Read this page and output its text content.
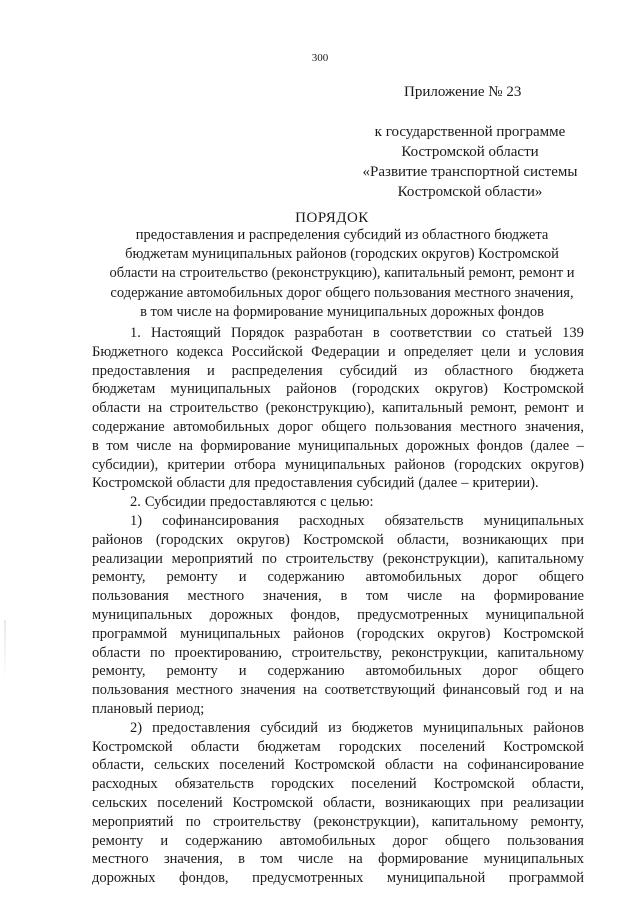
300
Приложение № 23
к государственной программе
Костромской области
«Развитие транспортной системы
Костромской области»
ПОРЯДОК
предоставления и распределения субсидий из областного бюджета
бюджетам муниципальных районов (городских округов) Костромской
области на строительство (реконструкцию), капитальный ремонт, ремонт и
содержание автомобильных дорог общего пользования местного значения,
в том числе на формирование муниципальных дорожных фондов
1. Настоящий Порядок разработан в соответствии со статьей 139
Бюджетного кодекса Российской Федерации и определяет цели и условия
предоставления и распределения субсидий из областного бюджета
бюджетам муниципальных районов (городских округов) Костромской
области на строительство (реконструкцию), капитальный ремонт, ремонт и
содержание автомобильных дорог общего пользования местного значения,
в том числе на формирование муниципальных дорожных фондов (далее –
субсидии), критерии отбора муниципальных районов (городских округов)
Костромской области для предоставления субсидий (далее – критерии).
2. Субсидии предоставляются с целью:
1) софинансирования расходных обязательств муниципальных
районов (городских округов) Костромской области, возникающих при
реализации мероприятий по строительству (реконструкции), капитальному
ремонту, ремонту и содержанию автомобильных дорог общего
пользования местного значения, в том числе на формирование
муниципальных дорожных фондов, предусмотренных муниципальной
программой муниципальных районов (городских округов) Костромской
области по проектированию, строительству, реконструкции, капитальному
ремонту, ремонту и содержанию автомобильных дорог общего
пользования местного значения на соответствующий финансовый год и на
плановый период;
2) предоставления субсидий из бюджетов муниципальных районов
Костромской области бюджетам городских поселений Костромской
области, сельских поселений Костромской области на софинансирование
расходных обязательств городских поселений Костромской области,
сельских поселений Костромской области, возникающих при реализации
мероприятий по строительству (реконструкции), капитальному ремонту,
ремонту и содержанию автомобильных дорог общего пользования
местного значения, в том числе на формирование муниципальных
дорожных фондов, предусмотренных муниципальной программой
